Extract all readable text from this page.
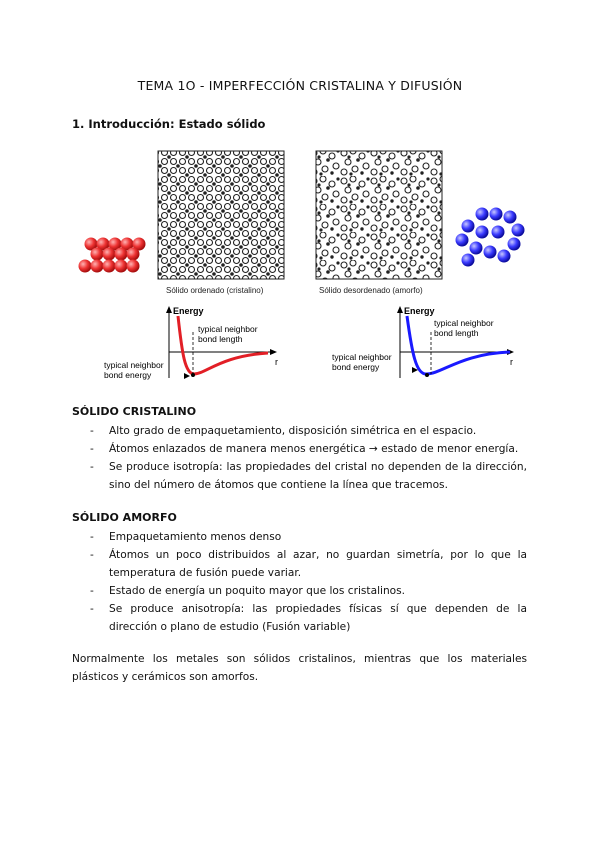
TEMA 1O - IMPERFECCIÓN CRISTALINA Y DIFUSIÓN
1. Introducción: Estado sólido
Sólido ordenado (cristalino)	Sólido desordenado (amorfo)
Energy
r
typical neighbor
bond length
typical neighbor
bond energy
Energy
r
typical neighbor
bond length
typical neighbor
bond energy
SÓLIDO CRISTALINO
- Alto grado de empaquetamiento, disposición simétrica en el espacio.
- Átomos enlazados de manera menos energética → estado de menor energía.
- Se produce isotropía: las propiedades del cristal no dependen de la dirección, sino del número de átomos que contiene la línea que tracemos.
SÓLIDO AMORFO
- Empaquetamiento menos denso
- Átomos un poco distribuidos al azar, no guardan simetría, por lo que la temperatura de fusión puede variar.
- Estado de energía un poquito mayor que los cristalinos.
- Se produce anisotropía: las propiedades físicas sí que dependen de la dirección o plano de estudio (Fusión variable)
Normalmente los metales son sólidos cristalinos, mientras que los materiales plásticos y cerámicos son amorfos.
